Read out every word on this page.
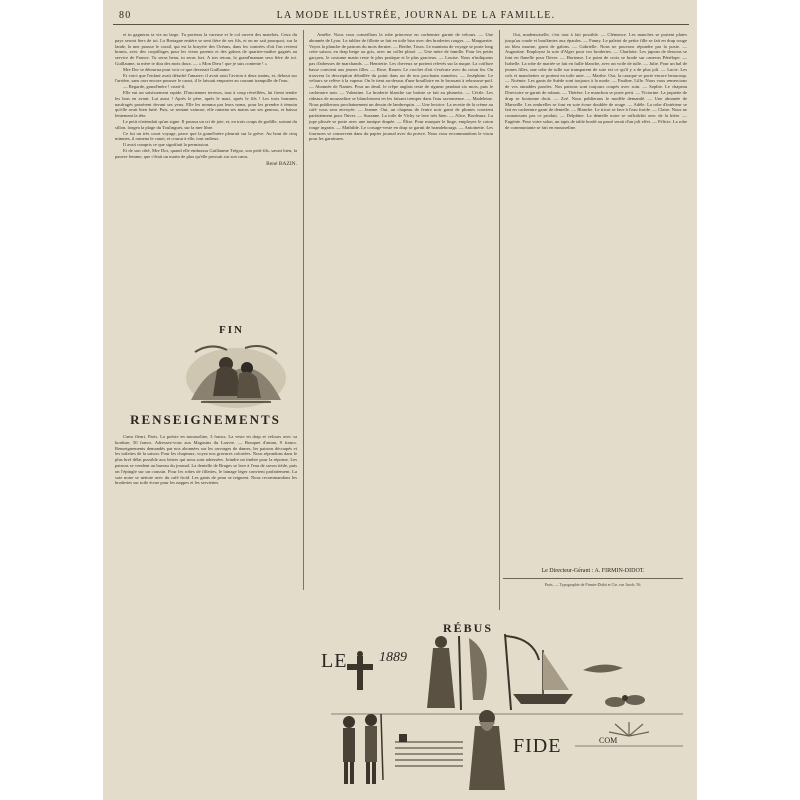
80	LA MODE ILLUSTRÉE, JOURNAL DE LA FAMILLE.

et tu gagneras ta vie au large. Tu porteras la vareuse et le col ouvert des matelots. Ceux du pays seront fiers de toi. La Bretagne entière se sent fière de ses fils, et on ne sait pourquoi, sur la lande, la mer pousse le corail, qui est la bruyère des Océans, dans les contrées d'où l'on revient brunis, avec des coquillages pour les vieux parents et des galons de quartier-maître gagnés au service de France. Tu seras beau, tu seras fort. A ton retour, la grand'maman sera fière de toi. Guillaume, ta mère te dira des mots doux. — « Mon Dieu ! que je suis contente ! »

Mre Dor se détourna pour voir ce que devenait Guillaume.

Et voici que l'enfant avait détaché l'amarre; il avait saisi l'aviron à deux mains, et, debout sur l'arrière, sans oser encore pousser le canot, il le laissait emporter au courant tranquille de l'eau.

— Regarde, grand'mère ! criait-il.

Elle eut un saisissement rapide. D'anciennes terreurs, tout à coup réveillées, lui firent tendre les bras en avant. Lui aussi ! Après le père, après le mari, après le fils ! Les trois hommes naufragés passèrent devant ses yeux. Elle les nomma par leurs noms, pour les prendre à témoin qu'elle avait bien lutté. Puis, se sentant vaincue, elle ramena ses mains sur ses genoux, et baissa lentement la tête.

Le petit n'attendait qu'un signe. Il poussa un cri de joie, et, en trois coups de godille, sortant du sillon, longea la plage du Toulinguet, sur la mer libre.

Ce fut un très court voyage, parce que la grand'mère pleurait sur la grève. Au bout de cinq minutes, il ramena le canot, et courut à elle, tout radieux.

Il avait compris ce que signifiait la permission.

Et de son côté, Mre Dor, quand elle embrassa Guillaume Trégoz, son petit-fils, savait bien, la pauvre femme, que c'était un marin de plus qu'elle pressait sur son cœur.

René BAZIN.

FIN
RENSEIGNEMENTS

Cœur fleuri, Paris. La poésie en mousseline, 3 francs. La veste en drap et velours avec sa bordure, 50 francs. Adressez-vous aux Magasins du Louvre. — Bouquet d'antan, 9 francs. Renseignements demandés par nos abonnées sur les ouvrages de dames, les patrons découpés et les toilettes de la saison. Pour les chapeaux, voyez nos gravures coloriées. Nous répondons dans le plus bref délai possible aux lettres qui nous sont adressées. Joindre un timbre pour la réponse. Les patrons se vendent au bureau du journal. La dentelle de Bruges se lave à l'eau de savon tiède, puis on l'épingle sur un coussin. Pour les robes de fillettes, le lainage léger convient parfaitement. La soie noire se nettoie avec du café froid. Les gants de peau se teignent. Nous recommandons les broderies sur toile écrue pour les nappes et les serviettes.

Amélie. Nous vous conseillons la robe princesse en cachemire garnie de velours. — Une abonnée de Lyon. Le tablier de fillette se fait en toile bise avec des broderies rouges. — Marguerite. Voyez la planche de patrons du mois dernier. — Berthe, Tours. Le manteau de voyage se porte long cette saison, en drap beige ou gris, avec un collet plissé. — Une mère de famille. Pour les petits garçons, le costume marin reste le plus pratique et le plus gracieux. — Louise. Nous n'indiquons pas d'adresses de marchands. — Henriette. Les cheveux se portent relevés sur la nuque. La coiffure basse convient aux jeunes filles. — Rose, Rouen. Le crochet d'art s'exécute avec du coton fin. On trouvera la description détaillée du point dans un de nos prochains numéros. — Joséphine. Le velours se relève à la vapeur. On le tient au-dessus d'une bouilloire en le brossant à rebrousse-poil. — Abonnée de Nantes. Pour un deuil, le crêpe anglais reste de rigueur pendant six mois, puis le cachemire noir. — Valentine. La broderie blanche sur batiste se fait au plumetis. — Cécile. Les rideaux de mousseline se blanchissent en les faisant tremper dans l'eau savonneuse. — Madeleine. Nous publierons prochainement un dessin de lambrequin. — Une lectrice. La recette de la crème au café vous sera envoyée. — Jeanne. Oui, un chapeau de feutre noir garni de plumes convient parfaitement pour l'hiver. — Suzanne. La toile de Vichy se lave très bien. — Alice, Bordeaux. La jupe plissée se porte avec une tunique drapée. — Élise. Pour marquer le linge, employez le coton rouge ingrain. — Mathilde. Le corsage-veste en drap se garnit de brandebourgs. — Antoinette. Les fourrures se conservent dans du papier journal avec du poivre. Nous vous recommandons le vison pour les garnitures.

Oui, mademoiselle, c'est tout à fait possible. — Clémence. Les manches se portent plates jusqu'au coude et bouffantes aux épaules. — Fanny. Le paletot de petite fille se fait en drap rouge ou bleu marine, garni de galons. — Gabrielle. Nous ne pouvons répondre par la poste. — Augustine. Employez la soie d'Alger pour vos broderies. — Charlotte. Les jupons de dessous se font en flanelle pour l'hiver. — Hortense. Le point de croix se brode sur canevas Pénélope. — Isabelle. La robe de mariée se fait en faille blanche, avec un voile de tulle. — Julie. Pour un bal de jeunes filles, une robe de tulle sur transparent de soie est ce qu'il y a de plus joli. — Lucie. Les cols et manchettes se portent en toile unie. — Marthe. Oui, la casaque se porte encore beaucoup. — Noémie. Les gants de Suède sont toujours à la mode. — Pauline, Lille. Nous vous remercions de vos aimables paroles. Nos patrons sont toujours coupés avec soin. — Sophie. Le chapeau Directoire se garnit de rubans. — Thérèse. Le manchon se porte petit. — Victorine. La jaquette de drap se boutonne droit. — Zoé. Nous publierons le modèle demandé. — Une abonnée de Marseille. Les ombrelles se font en soie écrue doublée de rouge. — Adèle. La robe d'intérieur se fait en cachemire garni de dentelle. — Blanche. Le tricot se lave à l'eau froide. — Claire. Nous ne connaissons pas ce produit. — Delphine. La dentelle noire se raffraîchit avec de la bière. — Eugénie. Pour votre salon, un tapis de table brodé au passé serait d'un joli effet. — Félicie. La robe de communiante se fait en mousseline.

Le Directeur-Gérant : A. FIRMIN-DIDOT.
Paris. — Typographie de Firmin-Didot et Cie, rue Jacob, 56.
RÉBUS
LE 1889
FIDE	COM
